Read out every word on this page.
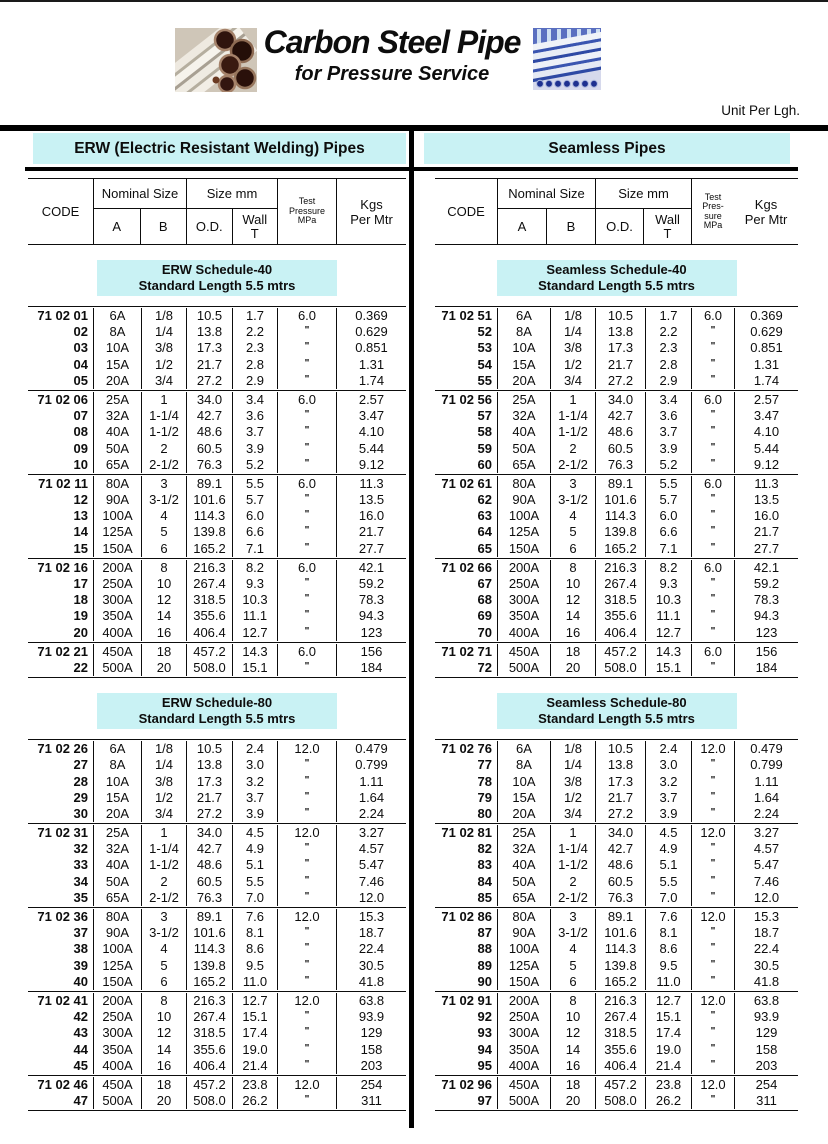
Carbon Steel Pipe
for Pressure Service
Unit Per Lgh.
ERW (Electric Resistant Welding) Pipes	Seamless Pipes
CODE
Nominal Size
A	B
Size mm
O.D.	Wall
T
Test
Pressure
MPa
Kgs
Per Mtr
ERW Schedule-40
Standard Length 5.5 mtrs
71 02 01	6A	1/8	10.5	1.7	6.0	0.369
02	8A	1/4	13.8	2.2	"	0.629
03	10A	3/8	17.3	2.3	"	0.851
04	15A	1/2	21.7	2.8	"	1.31
05	20A	3/4	27.2	2.9	"	1.74
71 02 06	25A	1	34.0	3.4	6.0	2.57
07	32A	1-1/4	42.7	3.6	"	3.47
08	40A	1-1/2	48.6	3.7	"	4.10
09	50A	2	60.5	3.9	"	5.44
10	65A	2-1/2	76.3	5.2	"	9.12
71 02 11	80A	3	89.1	5.5	6.0	11.3
12	90A	3-1/2	101.6	5.7	"	13.5
13	100A	4	114.3	6.0	"	16.0
14	125A	5	139.8	6.6	"	21.7
15	150A	6	165.2	7.1	"	27.7
71 02 16	200A	8	216.3	8.2	6.0	42.1
17	250A	10	267.4	9.3	"	59.2
18	300A	12	318.5	10.3	"	78.3
19	350A	14	355.6	11.1	"	94.3
20	400A	16	406.4	12.7	"	123
71 02 21	450A	18	457.2	14.3	6.0	156
22	500A	20	508.0	15.1	"	184
ERW Schedule-80
Standard Length 5.5 mtrs
71 02 26	6A	1/8	10.5	2.4	12.0	0.479
27	8A	1/4	13.8	3.0	"	0.799
28	10A	3/8	17.3	3.2	"	1.11
29	15A	1/2	21.7	3.7	"	1.64
30	20A	3/4	27.2	3.9	"	2.24
71 02 31	25A	1	34.0	4.5	12.0	3.27
32	32A	1-1/4	42.7	4.9	"	4.57
33	40A	1-1/2	48.6	5.1	"	5.47
34	50A	2	60.5	5.5	"	7.46
35	65A	2-1/2	76.3	7.0	"	12.0
71 02 36	80A	3	89.1	7.6	12.0	15.3
37	90A	3-1/2	101.6	8.1	"	18.7
38	100A	4	114.3	8.6	"	22.4
39	125A	5	139.8	9.5	"	30.5
40	150A	6	165.2	11.0	"	41.8
71 02 41	200A	8	216.3	12.7	12.0	63.8
42	250A	10	267.4	15.1	"	93.9
43	300A	12	318.5	17.4	"	129
44	350A	14	355.6	19.0	"	158
45	400A	16	406.4	21.4	"	203
71 02 46	450A	18	457.2	23.8	12.0	254
47	500A	20	508.0	26.2	"	311
CODE
Nominal Size
A	B
Size mm
O.D.	Wall
T
Test
Pres-
sure
MPa
Kgs
Per Mtr
Seamless Schedule-40
Standard Length 5.5 mtrs
71 02 51	6A	1/8	10.5	1.7	6.0	0.369
52	8A	1/4	13.8	2.2	"	0.629
53	10A	3/8	17.3	2.3	"	0.851
54	15A	1/2	21.7	2.8	"	1.31
55	20A	3/4	27.2	2.9	"	1.74
71 02 56	25A	1	34.0	3.4	6.0	2.57
57	32A	1-1/4	42.7	3.6	"	3.47
58	40A	1-1/2	48.6	3.7	"	4.10
59	50A	2	60.5	3.9	"	5.44
60	65A	2-1/2	76.3	5.2	"	9.12
71 02 61	80A	3	89.1	5.5	6.0	11.3
62	90A	3-1/2	101.6	5.7	"	13.5
63	100A	4	114.3	6.0	"	16.0
64	125A	5	139.8	6.6	"	21.7
65	150A	6	165.2	7.1	"	27.7
71 02 66	200A	8	216.3	8.2	6.0	42.1
67	250A	10	267.4	9.3	"	59.2
68	300A	12	318.5	10.3	"	78.3
69	350A	14	355.6	11.1	"	94.3
70	400A	16	406.4	12.7	"	123
71 02 71	450A	18	457.2	14.3	6.0	156
72	500A	20	508.0	15.1	"	184
Seamless Schedule-80
Standard Length 5.5 mtrs
71 02 76	6A	1/8	10.5	2.4	12.0	0.479
77	8A	1/4	13.8	3.0	"	0.799
78	10A	3/8	17.3	3.2	"	1.11
79	15A	1/2	21.7	3.7	"	1.64
80	20A	3/4	27.2	3.9	"	2.24
71 02 81	25A	1	34.0	4.5	12.0	3.27
82	32A	1-1/4	42.7	4.9	"	4.57
83	40A	1-1/2	48.6	5.1	"	5.47
84	50A	2	60.5	5.5	"	7.46
85	65A	2-1/2	76.3	7.0	"	12.0
71 02 86	80A	3	89.1	7.6	12.0	15.3
87	90A	3-1/2	101.6	8.1	"	18.7
88	100A	4	114.3	8.6	"	22.4
89	125A	5	139.8	9.5	"	30.5
90	150A	6	165.2	11.0	"	41.8
71 02 91	200A	8	216.3	12.7	12.0	63.8
92	250A	10	267.4	15.1	"	93.9
93	300A	12	318.5	17.4	"	129
94	350A	14	355.6	19.0	"	158
95	400A	16	406.4	21.4	"	203
71 02 96	450A	18	457.2	23.8	12.0	254
97	500A	20	508.0	26.2	"	311
